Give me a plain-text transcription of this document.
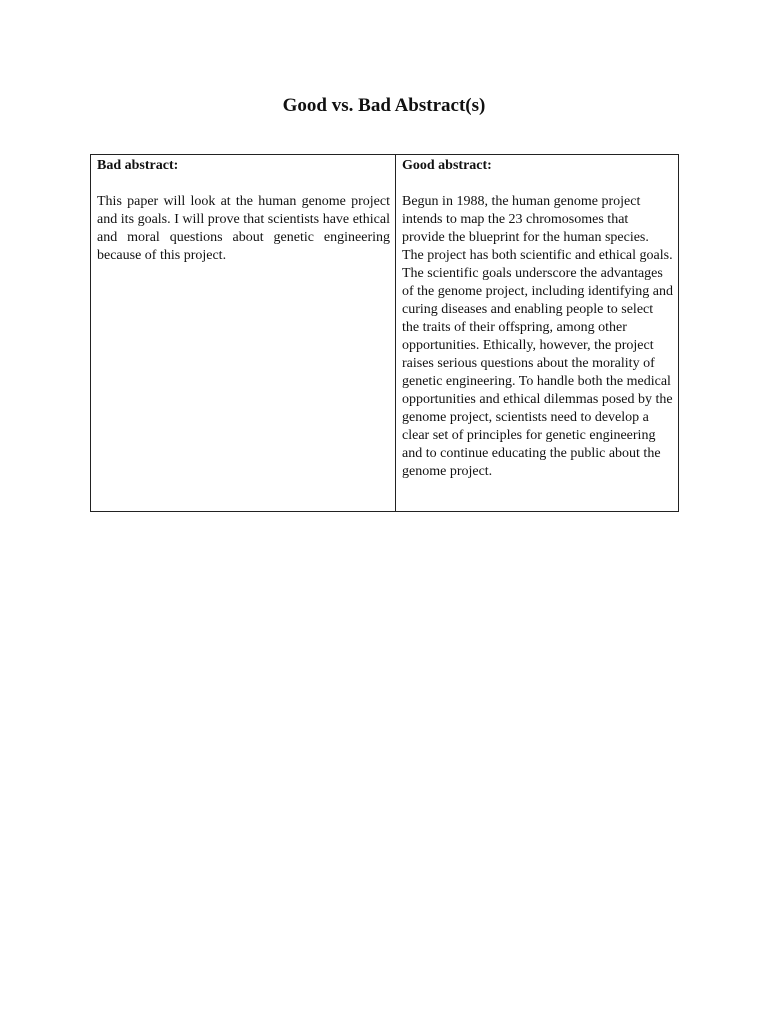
Good vs. Bad Abstract(s)

Bad abstract:

This paper will look at the human genome project and its goals. I will prove that scientists have ethical and moral questions about genetic engineering because of this project.

Good abstract:

Begun in 1988, the human genome project intends to map the 23 chromosomes that provide the blueprint for the human species. The project has both scientific and ethical goals. The scientific goals underscore the advantages of the genome project, including identifying and curing diseases and enabling people to select the traits of their offspring, among other opportunities. Ethically, however, the project raises serious questions about the morality of genetic engineering. To handle both the medical opportunities and ethical dilemmas posed by the genome project, scientists need to develop a clear set of principles for genetic engineering and to continue educating the public about the genome project.
